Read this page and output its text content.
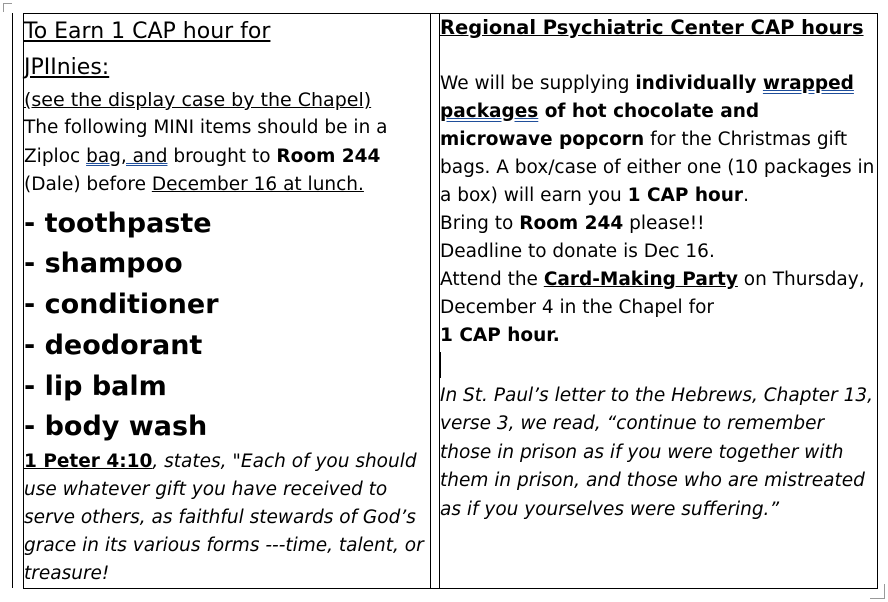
To Earn 1 CAP hour for
JPIInies:
(see the display case by the Chapel)
The following MINI items should be in a
Ziploc bag, and brought to Room 244
(Dale) before December 16 at lunch.
- toothpaste
- shampoo
- conditioner
- deodorant
- lip balm
- body wash
1 Peter 4:10, states, "Each of you should use whatever gift you have received to serve others, as faithful stewards of God’s grace in its various forms ---time, talent, or treasure!

Regional Psychiatric Center CAP hours
We will be supplying individually wrapped packages of hot chocolate and microwave popcorn for the Christmas gift bags. A box/case of either one (10 packages in a box) will earn you 1 CAP hour.
Bring to Room 244 please!!
Deadline to donate is Dec 16.
Attend the Card-Making Party on Thursday, December 4 in the Chapel for
1 CAP hour.
In St. Paul’s letter to the Hebrews, Chapter 13, verse 3, we read, “continue to remember those in prison as if you were together with them in prison, and those who are mistreated as if you yourselves were suffering.”
